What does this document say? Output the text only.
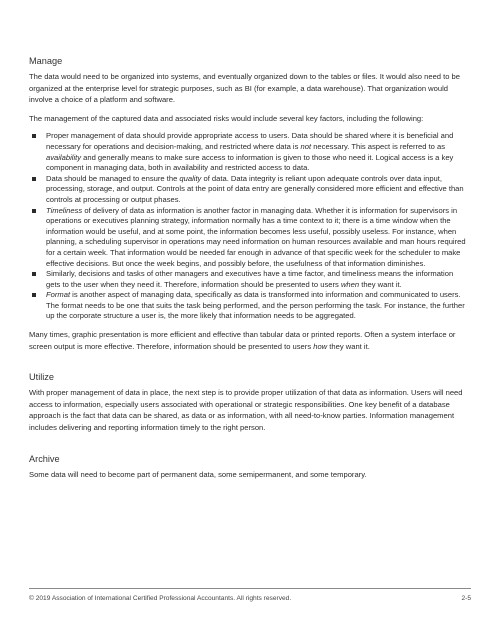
Manage

The data would need to be organized into systems, and eventually organized down to the tables or files. It would also need to be organized at the enterprise level for strategic purposes, such as BI (for example, a data warehouse). That organization would involve a choice of a platform and software.

The management of the captured data and associated risks would include several key factors, including the following:

Proper management of data should provide appropriate access to users. Data should be shared where it is beneficial and necessary for operations and decision-making, and restricted where data is not necessary. This aspect is referred to as availability and generally means to make sure access to information is given to those who need it. Logical access is a key component in managing data, both in availability and restricted access to data.
Data should be managed to ensure the quality of data. Data integrity is reliant upon adequate controls over data input, processing, storage, and output. Controls at the point of data entry are generally considered more efficient and effective than controls at processing or output phases.
Timeliness of delivery of data as information is another factor in managing data. Whether it is information for supervisors in operations or executives planning strategy, information normally has a time context to it; there is a time window when the information would be useful, and at some point, the information becomes less useful, possibly useless. For instance, when planning, a scheduling supervisor in operations may need information on human resources available and man hours required for a certain week. That information would be needed far enough in advance of that specific week for the scheduler to make effective decisions. But once the week begins, and possibly before, the usefulness of that information diminishes.
Similarly, decisions and tasks of other managers and executives have a time factor, and timeliness means the information gets to the user when they need it. Therefore, information should be presented to users when they want it.
Format is another aspect of managing data, specifically as data is transformed into information and communicated to users. The format needs to be one that suits the task being performed, and the person performing the task. For instance, the further up the corporate structure a user is, the more likely that information needs to be aggregated.

Many times, graphic presentation is more efficient and effective than tabular data or printed reports. Often a system interface or screen output is more effective. Therefore, information should be presented to users how they want it.

Utilize

With proper management of data in place, the next step is to provide proper utilization of that data as information. Users will need access to information, especially users associated with operational or strategic responsibilities. One key benefit of a database approach is the fact that data can be shared, as data or as information, with all need-to-know parties. Information management includes delivering and reporting information timely to the right person.

Archive

Some data will need to become part of permanent data, some semipermanent, and some temporary.

© 2019 Association of International Certified Professional Accountants. All rights reserved.	2-5
